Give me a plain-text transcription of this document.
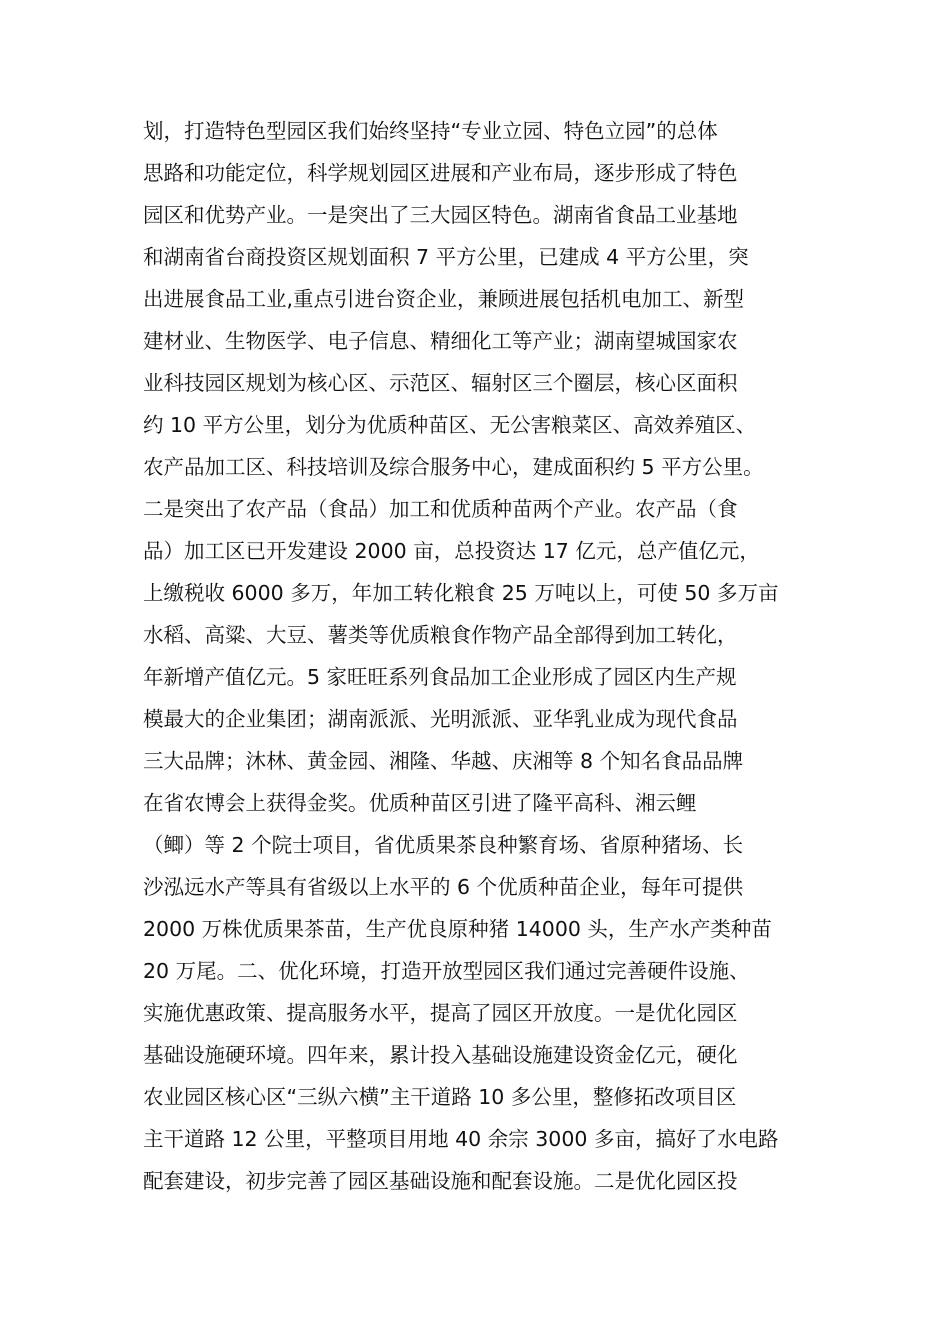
划，打造特色型园区我们始终坚持“专业立园、特色立园”的总体
思路和功能定位，科学规划园区进展和产业布局，逐步形成了特色
园区和优势产业。一是突出了三大园区特色。湖南省食品工业基地
和湖南省台商投资区规划面积 7 平方公里，已建成 4 平方公里，突
出进展食品工业,重点引进台资企业，兼顾进展包括机电加工、新型
建材业、生物医学、电子信息、精细化工等产业；湖南望城国家农
业科技园区规划为核心区、示范区、辐射区三个圈层，核心区面积
约 10 平方公里，划分为优质种苗区、无公害粮菜区、高效养殖区、
农产品加工区、科技培训及综合服务中心，建成面积约 5 平方公里。
二是突出了农产品（食品）加工和优质种苗两个产业。农产品（食
品）加工区已开发建设 2000 亩，总投资达 17 亿元，总产值亿元，
上缴税收 6000 多万，年加工转化粮食 25 万吨以上，可使 50 多万亩
水稻、高粱、大豆、薯类等优质粮食作物产品全部得到加工转化，
年新增产值亿元。5 家旺旺系列食品加工企业形成了园区内生产规
模最大的企业集团；湖南派派、光明派派、亚华乳业成为现代食品
三大品牌；沐林、黄金园、湘隆、华越、庆湘等 8 个知名食品品牌
在省农博会上获得金奖。优质种苗区引进了隆平高科、湘云鲤
（鲫）等 2 个院士项目，省优质果茶良种繁育场、省原种猪场、长
沙泓远水产等具有省级以上水平的 6 个优质种苗企业，每年可提供
2000 万株优质果茶苗，生产优良原种猪 14000 头，生产水产类种苗
20 万尾。二、优化环境，打造开放型园区我们通过完善硬件设施、
实施优惠政策、提高服务水平，提高了园区开放度。一是优化园区
基础设施硬环境。四年来，累计投入基础设施建设资金亿元，硬化
农业园区核心区“三纵六横”主干道路 10 多公里，整修拓改项目区
主干道路 12 公里，平整项目用地 40 余宗 3000 多亩，搞好了水电路
配套建设，初步完善了园区基础设施和配套设施。二是优化园区投
